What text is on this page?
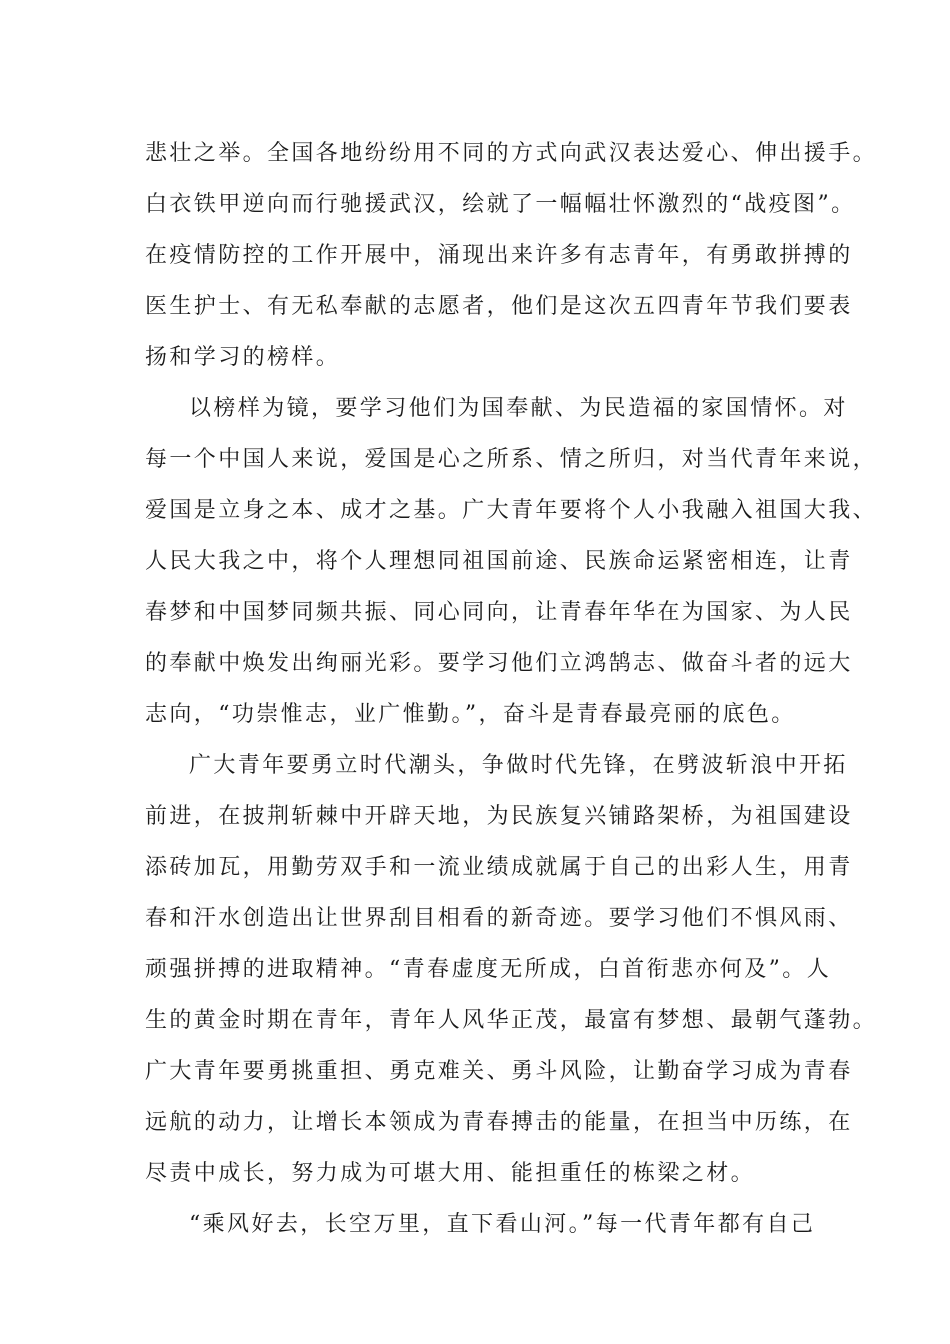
悲壮之举。全国各地纷纷用不同的方式向武汉表达爱心、伸出援手。
白衣铁甲逆向而行驰援武汉，绘就了一幅幅壮怀激烈的“战疫图”。
在疫情防控的工作开展中，涌现出来许多有志青年，有勇敢拼搏的
医生护士、有无私奉献的志愿者，他们是这次五四青年节我们要表
扬和学习的榜样。
以榜样为镜，要学习他们为国奉献、为民造福的家国情怀。对
每一个中国人来说，爱国是心之所系、情之所归，对当代青年来说，
爱国是立身之本、成才之基。广大青年要将个人小我融入祖国大我、
人民大我之中，将个人理想同祖国前途、民族命运紧密相连，让青
春梦和中国梦同频共振、同心同向，让青春年华在为国家、为人民
的奉献中焕发出绚丽光彩。要学习他们立鸿鹄志、做奋斗者的远大
志向，“功崇惟志，业广惟勤。”，奋斗是青春最亮丽的底色。
广大青年要勇立时代潮头，争做时代先锋，在劈波斩浪中开拓
前进，在披荆斩棘中开辟天地，为民族复兴铺路架桥，为祖国建设
添砖加瓦，用勤劳双手和一流业绩成就属于自己的出彩人生，用青
春和汗水创造出让世界刮目相看的新奇迹。要学习他们不惧风雨、
顽强拼搏的进取精神。“青春虚度无所成，白首衔悲亦何及”。人
生的黄金时期在青年，青年人风华正茂，最富有梦想、最朝气蓬勃。
广大青年要勇挑重担、勇克难关、勇斗风险，让勤奋学习成为青春
远航的动力，让增长本领成为青春搏击的能量，在担当中历练，在
尽责中成长，努力成为可堪大用、能担重任的栋梁之材。
“乘风好去，长空万里，直下看山河。”每一代青年都有自己
